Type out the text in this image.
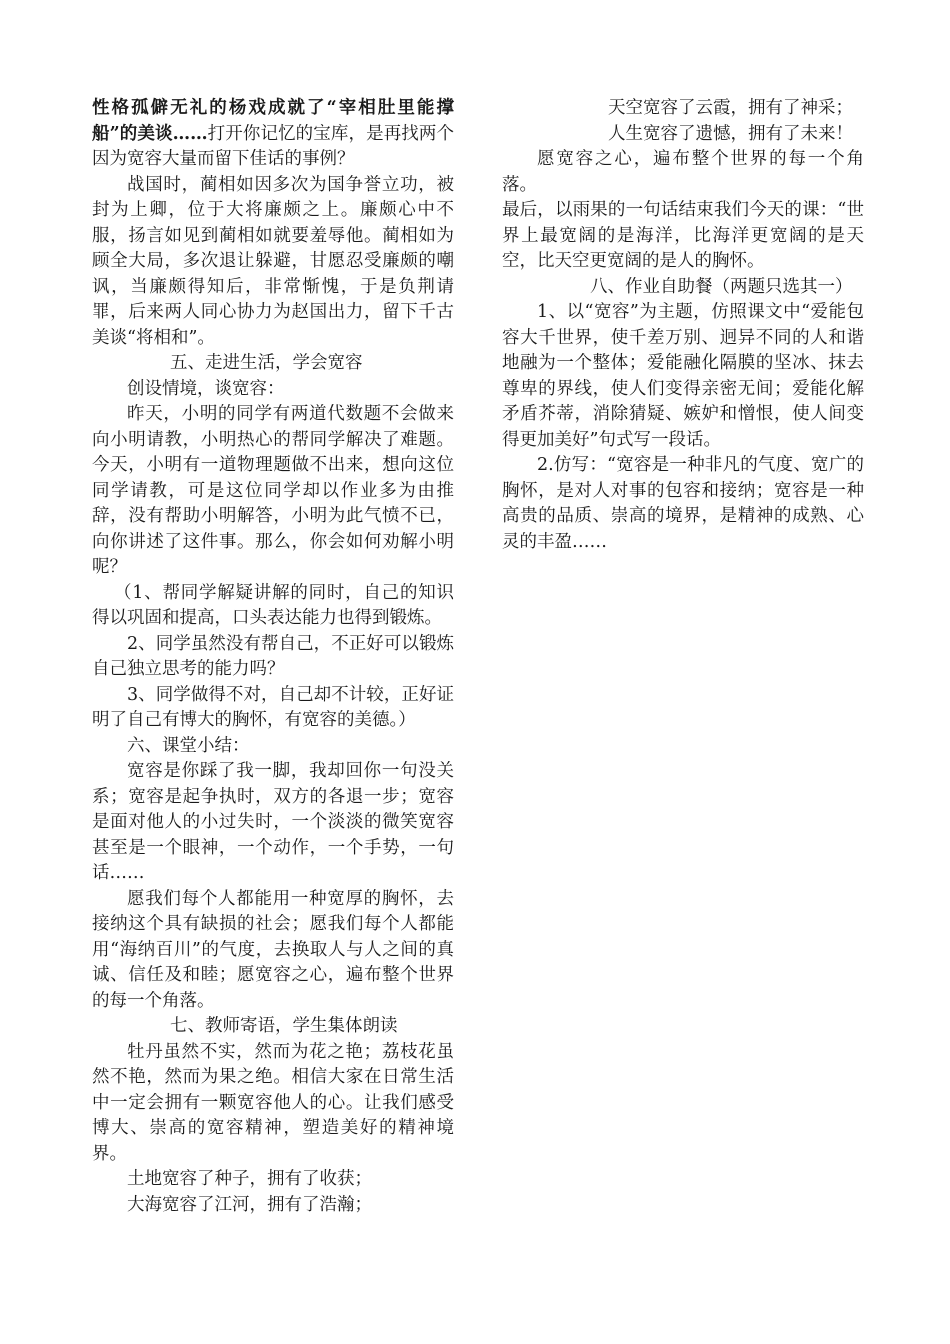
性格孤僻无礼的杨戏成就了“宰相肚里能撑船”的美谈……打开你记忆的宝库，是再找两个因为宽容大量而留下佳话的事例？

战国时，蔺相如因多次为国争誉立功，被封为上卿，位于大将廉颇之上。廉颇心中不服，扬言如见到蔺相如就要羞辱他。蔺相如为顾全大局，多次退让躲避，甘愿忍受廉颇的嘲讽，当廉颇得知后，非常惭愧，于是负荆请罪，后来两人同心协力为赵国出力，留下千古美谈“将相和”。

五、走进生活，学会宽容

创设情境，谈宽容：

昨天，小明的同学有两道代数题不会做来向小明请教，小明热心的帮同学解决了难题。今天，小明有一道物理题做不出来，想向这位同学请教，可是这位同学却以作业多为由推辞，没有帮助小明解答，小明为此气愤不已，向你讲述了这件事。那么，你会如何劝解小明呢？

（1、帮同学解疑讲解的同时，自己的知识得以巩固和提高，口头表达能力也得到锻炼。

2、同学虽然没有帮自己，不正好可以锻炼自己独立思考的能力吗？

3、同学做得不对，自己却不计较，正好证明了自己有博大的胸怀，有宽容的美德。）

六、课堂小结：

宽容是你踩了我一脚，我却回你一句没关系；宽容是起争执时，双方的各退一步；宽容是面对他人的小过失时，一个淡淡的微笑宽容甚至是一个眼神，一个动作，一个手势，一句话……

愿我们每个人都能用一种宽厚的胸怀，去接纳这个具有缺损的社会；愿我们每个人都能用“海纳百川”的气度，去换取人与人之间的真诚、信任及和睦；愿宽容之心，遍布整个世界的每一个角落。

七、教师寄语，学生集体朗读

牡丹虽然不实，然而为花之艳；荔枝花虽然不艳，然而为果之绝。相信大家在日常生活中一定会拥有一颗宽容他人的心。让我们感受博大、崇高的宽容精神，塑造美好的精神境界。

土地宽容了种子，拥有了收获；

大海宽容了江河，拥有了浩瀚；

天空宽容了云霞，拥有了神采；

人生宽容了遗憾，拥有了未来！

愿宽容之心，遍布整个世界的每一个角落。

最后，以雨果的一句话结束我们今天的课：“世界上最宽阔的是海洋，比海洋更宽阔的是天空，比天空更宽阔的是人的胸怀。

八、作业自助餐（两题只选其一）

1、以“宽容”为主题，仿照课文中“爱能包容大千世界，使千差万别、迥异不同的人和谐地融为一个整体；爱能融化隔膜的坚冰、抹去尊卑的界线，使人们变得亲密无间；爱能化解矛盾芥蒂，消除猜疑、嫉妒和憎恨，使人间变得更加美好”句式写一段话。

2.仿写：“宽容是一种非凡的气度、宽广的胸怀，是对人对事的包容和接纳；宽容是一种高贵的品质、崇高的境界，是精神的成熟、心灵的丰盈……
